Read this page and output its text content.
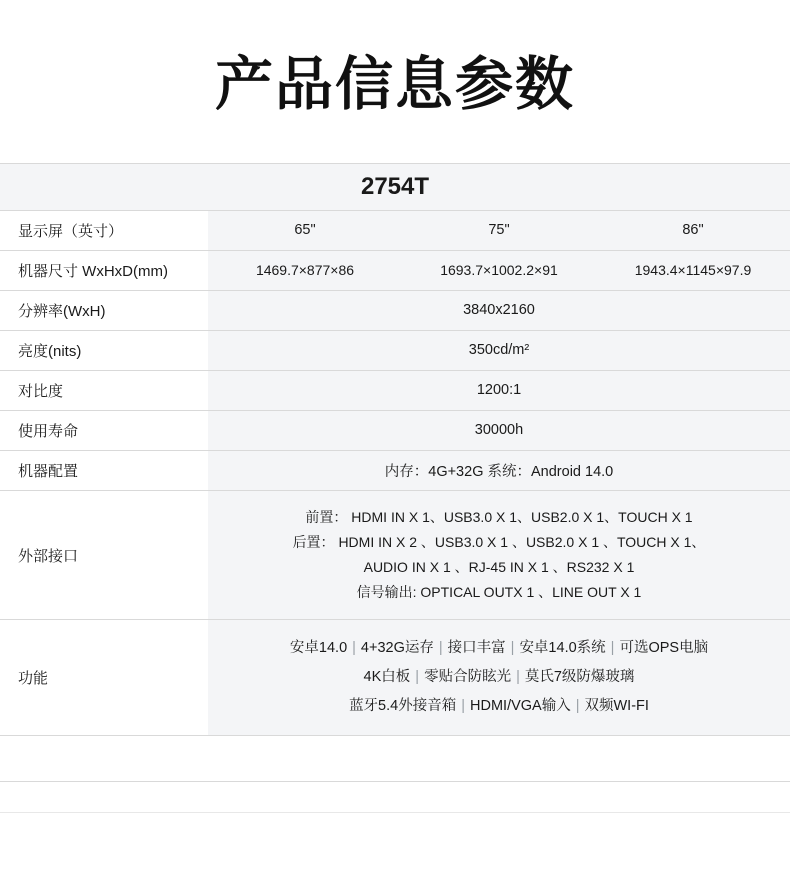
产品信息参数
2754T			
显示屏（英寸）	65"	75"	86"
机器尺寸 WxHxD(mm)	1469.7×877×86	1693.7×1002.2×91	1943.4×1145×97.9
分辨率(WxH)	3840x2160		
亮度(nits)	350cd/m²		
对比度	1200:1		
使用寿命	30000h		
机器配置	内存：4G+32G 系统：Android 14.0		
外部接口	前置： HDMI IN X 1、USB3.0 X 1、USB2.0 X 1、TOUCH X 1
后置： HDMI IN X 2 、USB3.0 X 1 、USB2.0 X 1 、TOUCH X 1、
AUDIO IN X 1 、RJ-45 IN X 1 、RS232 X 1
信号输出: OPTICAL OUTX 1 、LINE OUT X 1		

功能	安卓14.0 | 4+32G运存 | 接口丰富 | 安卓14.0系统 | 可选OPS电脑
4K白板 | 零贴合防眩光 | 莫氏7级防爆玻璃
蓝牙5.4外接音箱 | HDMI/VGA输入 | 双频WI-FI		
